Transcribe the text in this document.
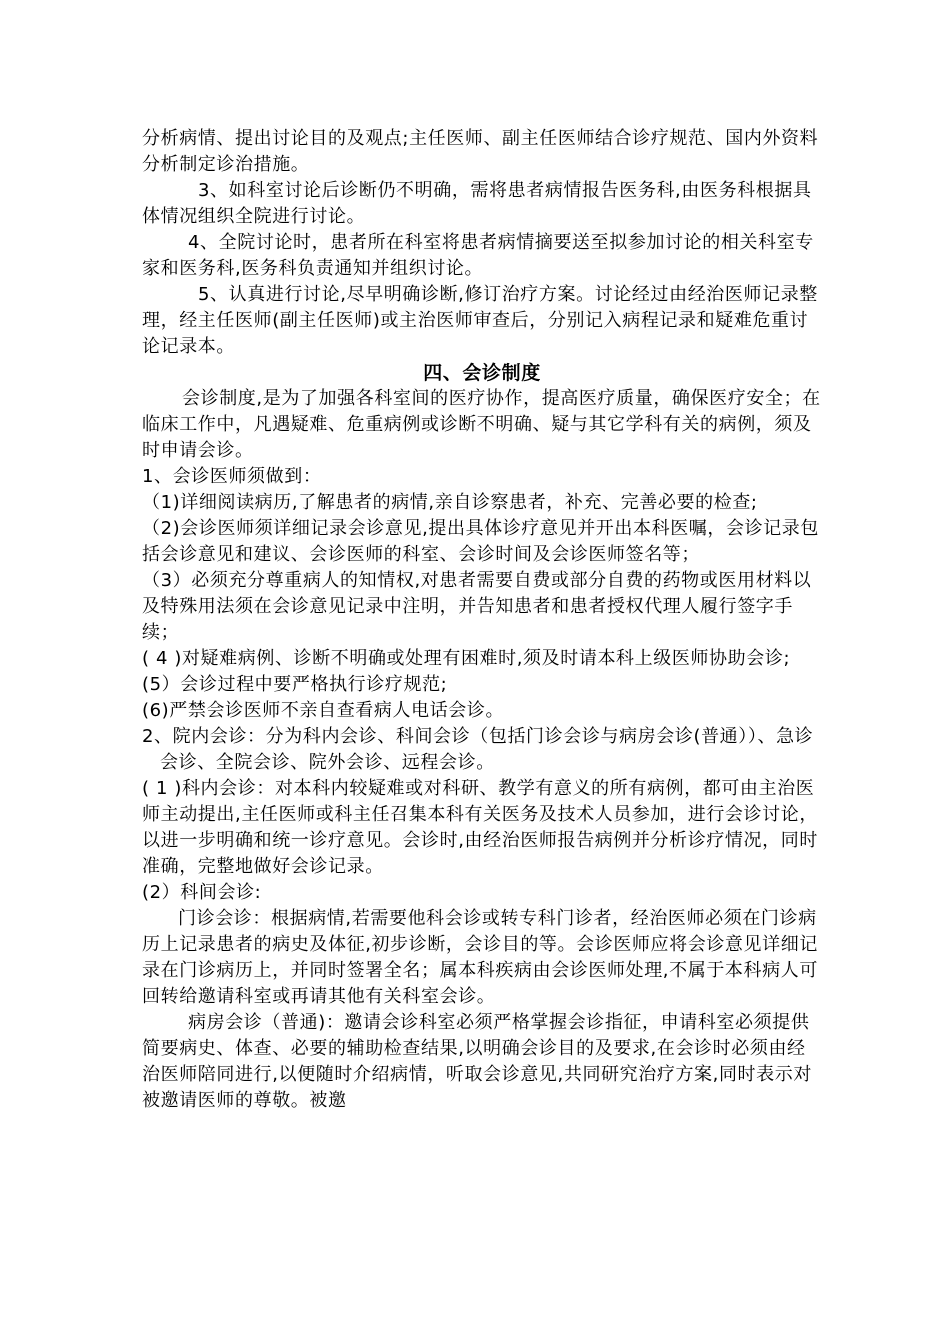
分析病情、提出讨论目的及观点;主任医师、副主任医师结合诊疗规范、国内外资料分析制定诊治措施。

3、如科室讨论后诊断仍不明确，需将患者病情报告医务科,由医务科根据具体情况组织全院进行讨论。

4、全院讨论时，患者所在科室将患者病情摘要送至拟参加讨论的相关科室专家和医务科,医务科负责通知并组织讨论。

5、认真进行讨论,尽早明确诊断,修订治疗方案。讨论经过由经治医师记录整理，经主任医师(副主任医师)或主治医师审查后，分别记入病程记录和疑难危重讨论记录本。

四、会诊制度

会诊制度,是为了加强各科室间的医疗协作，提高医疗质量，确保医疗安全；在临床工作中，凡遇疑难、危重病例或诊断不明确、疑与其它学科有关的病例，须及时申请会诊。

1、会诊医师须做到：

（1)详细阅读病历,了解患者的病情,亲自诊察患者，补充、完善必要的检查;

（2)会诊医师须详细记录会诊意见,提出具体诊疗意见并开出本科医嘱，会诊记录包括会诊意见和建议、会诊医师的科室、会诊时间及会诊医师签名等；

（3）必须充分尊重病人的知情权,对患者需要自费或部分自费的药物或医用材料以及特殊用法须在会诊意见记录中注明，并告知患者和患者授权代理人履行签字手续；

( 4 )对疑难病例、诊断不明确或处理有困难时,须及时请本科上级医师协助会诊;

(5）会诊过程中要严格执行诊疗规范;

(6)严禁会诊医师不亲自查看病人电话会诊。

2、院内会诊：分为科内会诊、科间会诊（包括门诊会诊与病房会诊(普通））、急诊会诊、全院会诊、院外会诊、远程会诊。

( 1 )科内会诊：对本科内较疑难或对科研、教学有意义的所有病例，都可由主治医师主动提出,主任医师或科主任召集本科有关医务及技术人员参加，进行会诊讨论，以进一步明确和统一诊疗意见。会诊时,由经治医师报告病例并分析诊疗情况，同时准确，完整地做好会诊记录。

(2）科间会诊:

门诊会诊：根据病情,若需要他科会诊或转专科门诊者，经治医师必须在门诊病历上记录患者的病史及体征,初步诊断，会诊目的等。会诊医师应将会诊意见详细记录在门诊病历上，并同时签署全名；属本科疾病由会诊医师处理,不属于本科病人可回转给邀请科室或再请其他有关科室会诊。

病房会诊（普通)：邀请会诊科室必须严格掌握会诊指征，申请科室必须提供简要病史、体查、必要的辅助检查结果,以明确会诊目的及要求,在会诊时必须由经治医师陪同进行,以便随时介绍病情，听取会诊意见,共同研究治疗方案,同时表示对被邀请医师的尊敬。被邀
